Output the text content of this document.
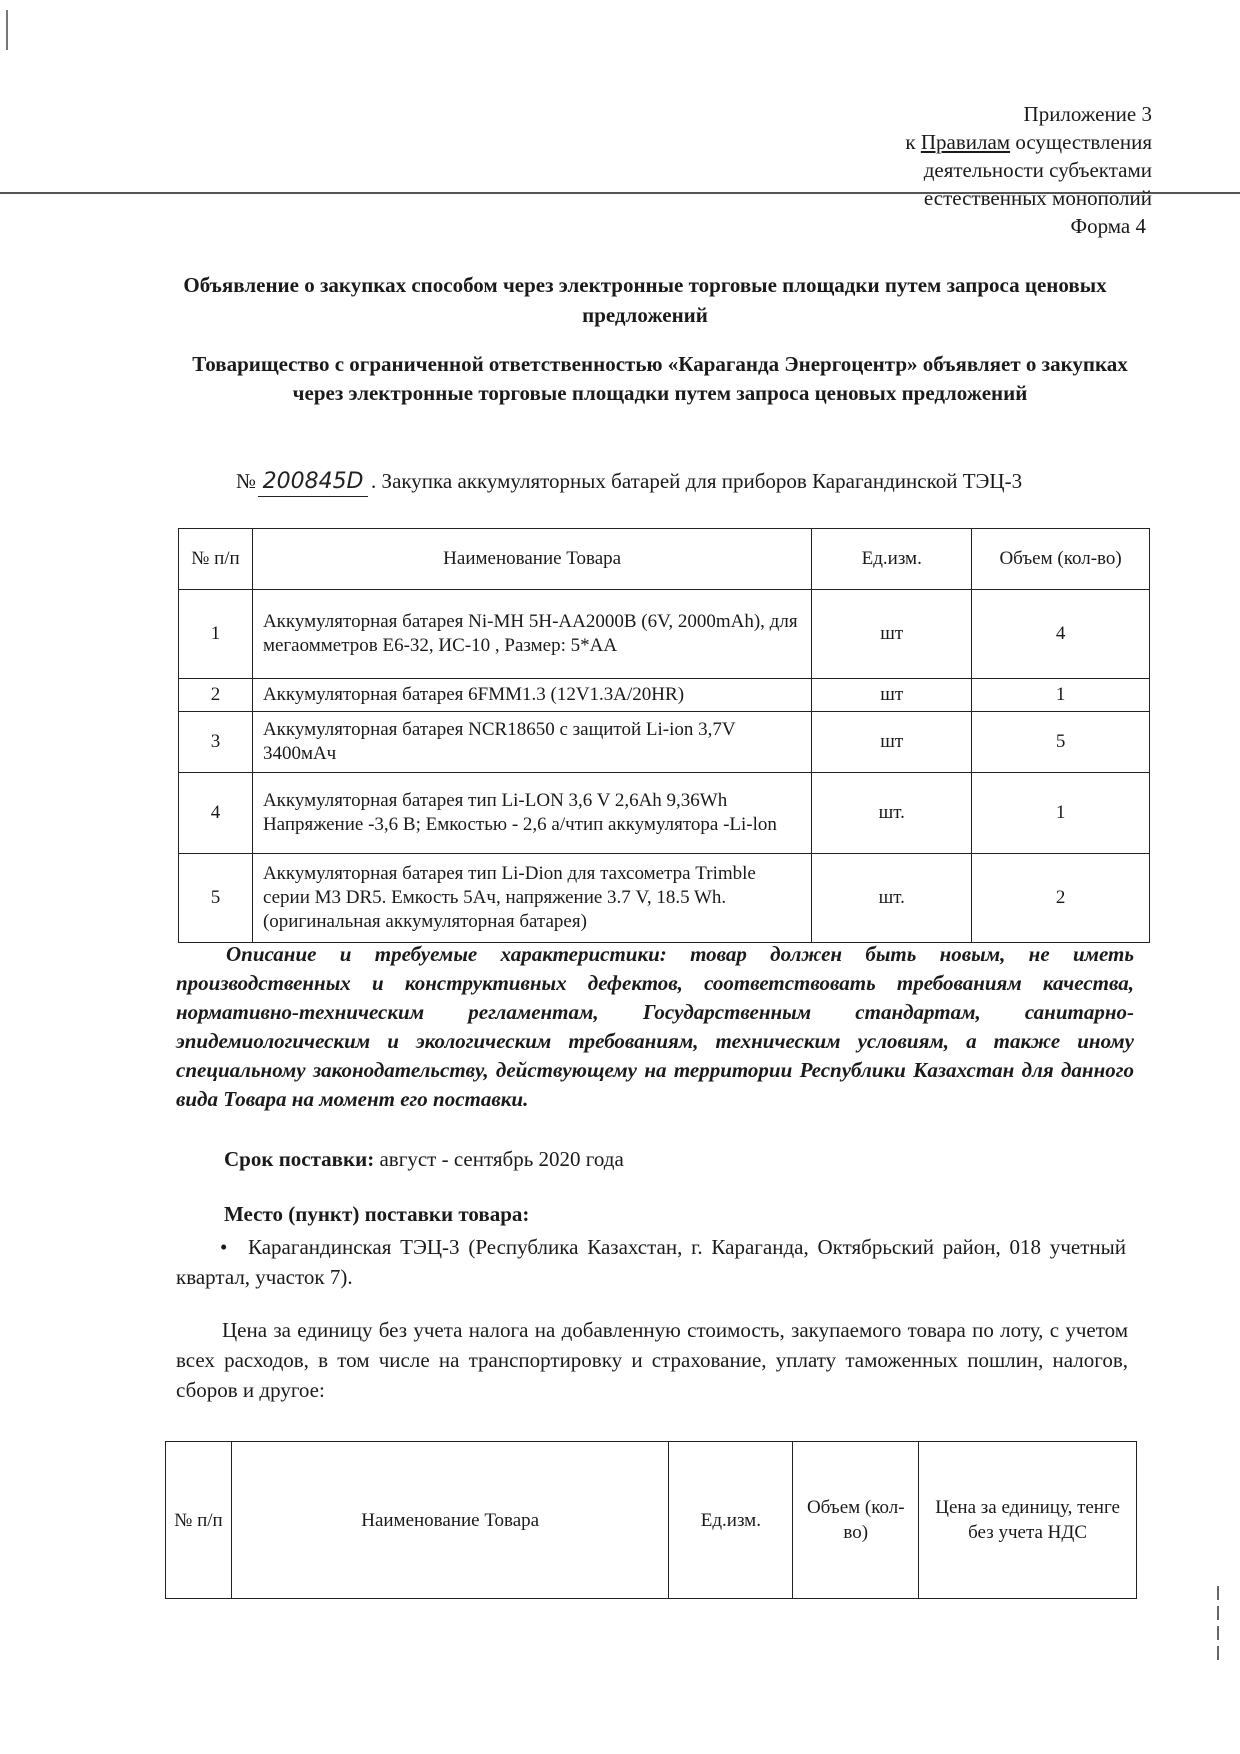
Приложение 3
к Правилам осуществления
деятельности субъектами
естественных монополий
Форма 4
Объявление о закупках способом через электронные торговые площадки путем запроса ценовых предложений
Товарищество с ограниченной ответственностью «Караганда Энергоцентр» объявляет о закупках через электронные торговые площадки путем запроса ценовых предложений
№ 200845D . Закупка аккумуляторных батарей для приборов Карагандинской ТЭЦ-3
№ п/п	Наименование Товара	Ед.изм.	Объем (кол-во)
1	Аккумуляторная батарея Ni-MH 5H-AA2000B (6V, 2000mAh), для мегаомметров Е6-32, ИС-10 , Размер: 5*AA	шт	4
2	Аккумуляторная батарея 6FMM1.3 (12V1.3A/20HR)	шт	1
3	Аккумуляторная батарея NCR18650 с защитой Li-ion 3,7V 3400мАч	шт	5
4	Аккумуляторная батарея тип Li-LON 3,6 V 2,6Ah 9,36Wh Напряжение -3,6 В; Емкостью - 2,6 а/чтип аккумулятора -Li-lon	шт.	1
5	Аккумуляторная батарея тип Li-Dion для тахсометра Trimble серии М3 DR5. Емкость 5Ач, напряжение 3.7 V, 18.5 Wh. (оригинальная аккумуляторная батарея)	шт.	2
Описание и требуемые характеристики: товар должен быть новым, не иметь производственных и конструктивных дефектов, соответствовать требованиям качества, нормативно-техническим регламентам, Государственным стандартам, санитарно-эпидемиологическим и экологическим требованиям, техническим условиям, а также иному специальному законодательству, действующему на территории Республики Казахстан для данного вида Товара на момент его поставки.
Срок поставки: август - сентябрь 2020 года
Место (пункт) поставки товара:
• Карагандинская ТЭЦ-3 (Республика Казахстан, г. Караганда, Октябрьский район, 018 учетный квартал, участок 7).
Цена за единицу без учета налога на добавленную стоимость, закупаемого товара по лоту, с учетом всех расходов, в том числе на транспортировку и страхование, уплату таможенных пошлин, налогов, сборов и другое:
№ п/п	Наименование Товара	Ед.изм.	Объем (кол-во)	Цена за единицу, тенге без учета НДС
